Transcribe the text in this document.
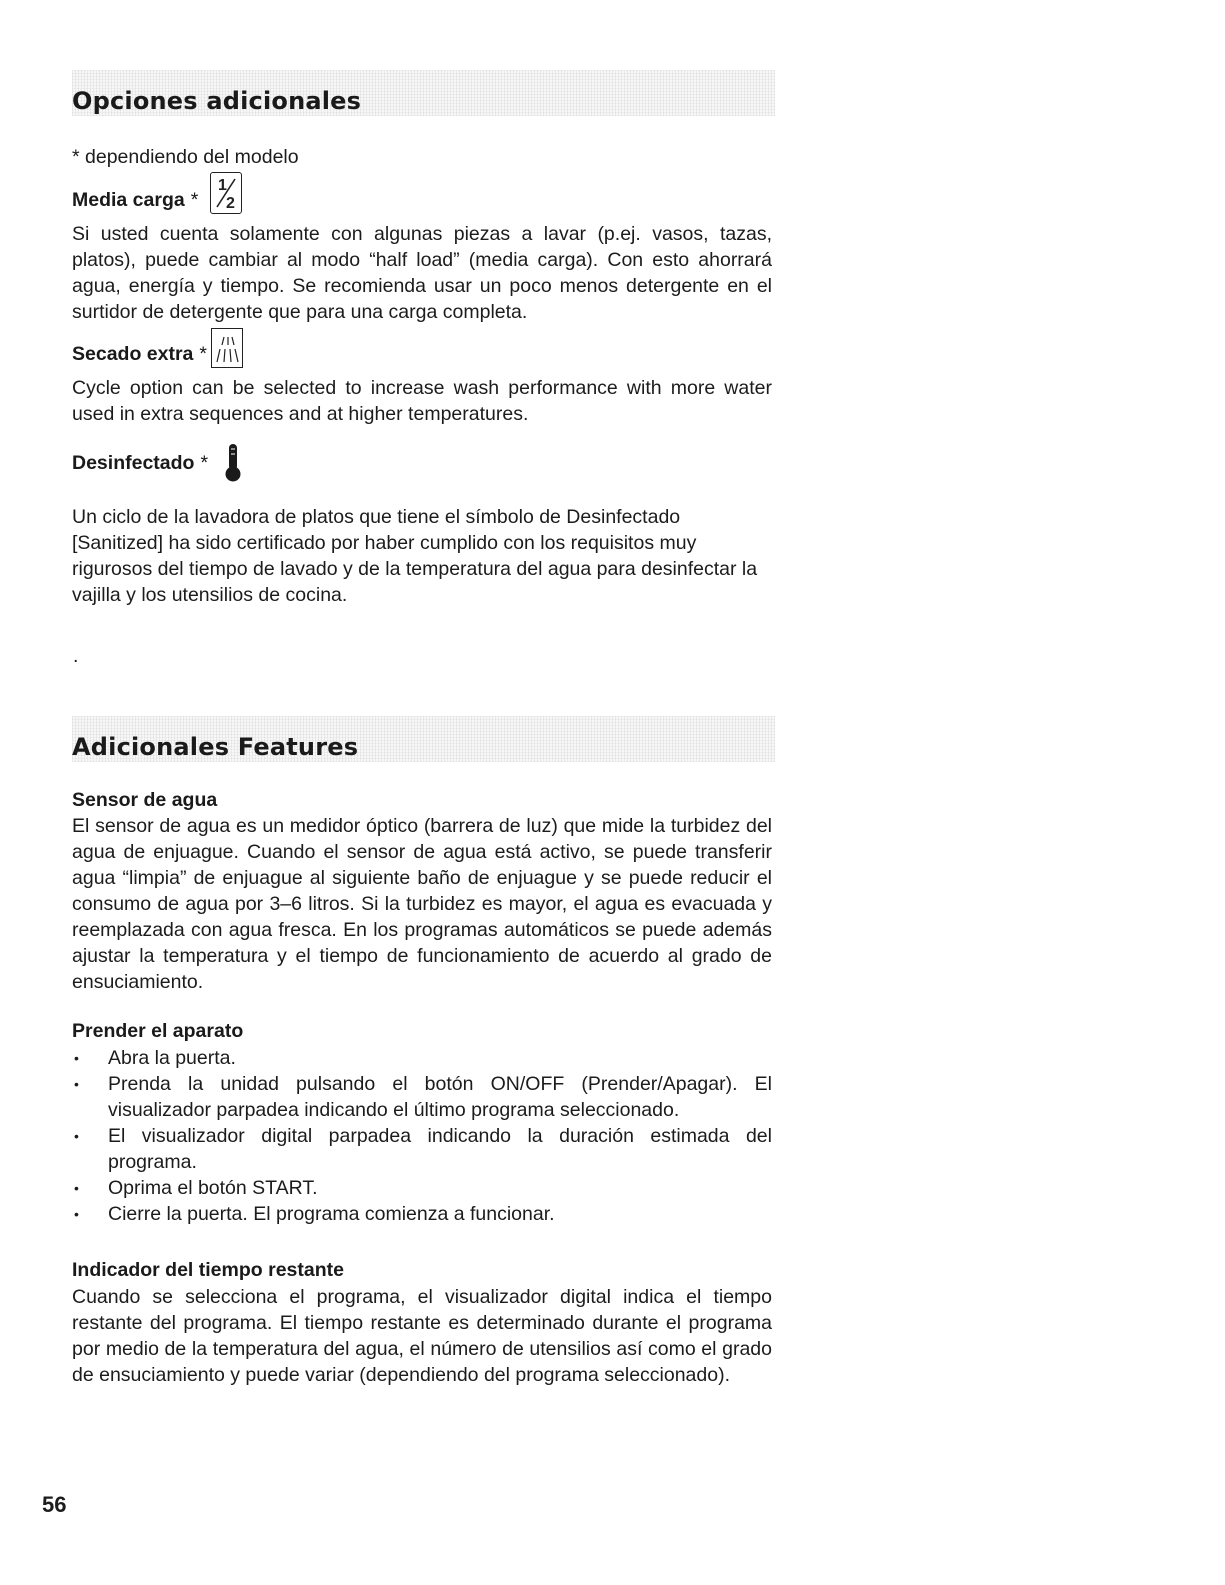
Opciones adicionales
* dependiendo del modelo
Media carga *
1
2

Si usted cuenta solamente con algunas piezas a lavar (p.ej. vasos, tazas, platos), puede cambiar al modo “half load” (media carga). Con esto ahorrará agua, energía y tiempo. Se recomienda usar un poco menos detergente en el surtidor de detergente que para una carga completa.

Secado extra *

Cycle option can be selected to increase wash performance with more water used in extra sequences and at higher temperatures.

Desinfectado *

Un ciclo de la lavadora de platos que tiene el símbolo de Desinfectado [Sanitized] ha sido certificado por haber cumplido con los requisitos muy rigurosos del tiempo de lavado y de la temperatura del agua para desinfectar la vajilla y los utensilios de cocina.

.
Adicionales Features
Sensor de agua

El sensor de agua es un medidor óptico (barrera de luz) que mide la turbidez del agua de enjuague. Cuando el sensor de agua está activo, se puede transferir agua “limpia” de enjuague al siguiente baño de enjuague y se puede reducir el consumo de agua por 3–6 litros. Si la turbidez es mayor, el agua es evacuada y reemplazada con agua fresca. En los programas automáticos se puede además ajustar la temperatura y el tiempo de funcionamiento de acuerdo al grado de ensuciamiento.

Prender el aparato
• Abra la puerta.
• Prenda la unidad pulsando el botón ON/OFF (Prender/Apagar). El visualizador parpadea indicando el último programa seleccionado.
• El visualizador digital parpadea indicando la duración estimada del programa.
• Oprima el botón START.
• Cierre la puerta. El programa comienza a funcionar.
Indicador del tiempo restante

Cuando se selecciona el programa, el visualizador digital indica el tiempo restante del programa. El tiempo restante es determinado durante el programa por medio de la temperatura del agua, el número de utensilios así como el grado de ensuciamiento y puede variar (dependiendo del programa seleccionado).

56
